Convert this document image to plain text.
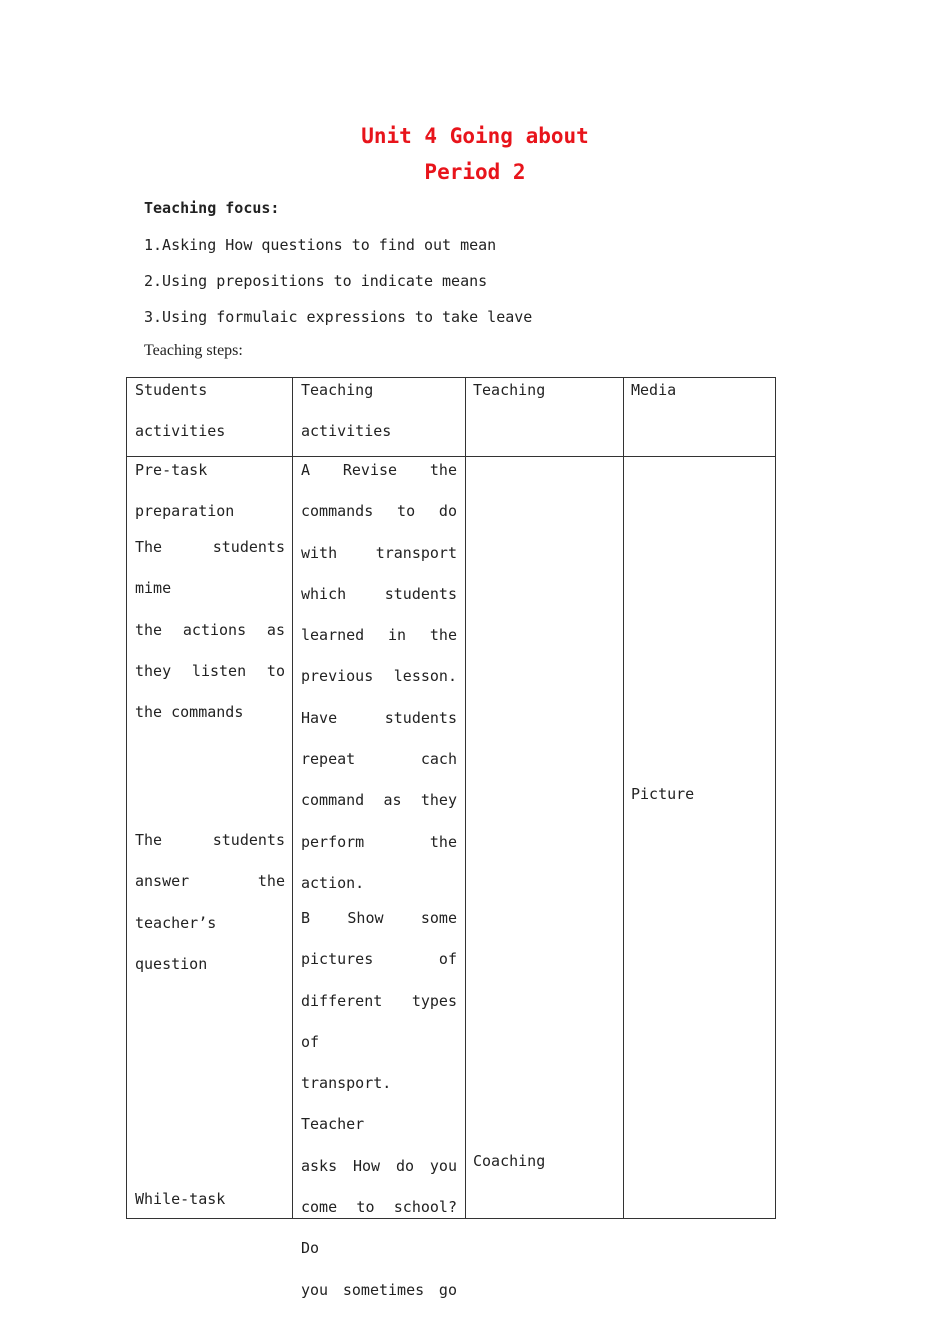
Unit 4 Going about
Period 2
Teaching focus:
1.Asking How questions to find out mean
2.Using prepositions to indicate means
3.Using formulaic expressions to take leave
Teaching steps:
Students
activities
Teaching
activities
Teaching	Media
Pre-task
preparation
The students mime
the actions as
they listen to
the commands
The students
answer the
teacher’s
question
While-task
A Revise the
commands to do
with transport
which students
learned in the
previous lesson.
Have students
repeat cach
command as they
perform the
action.
B Show some
pictures of
different types of
transport. Teacher
asks How do you
come to school? Do
you sometimes go
Coaching
Picture
